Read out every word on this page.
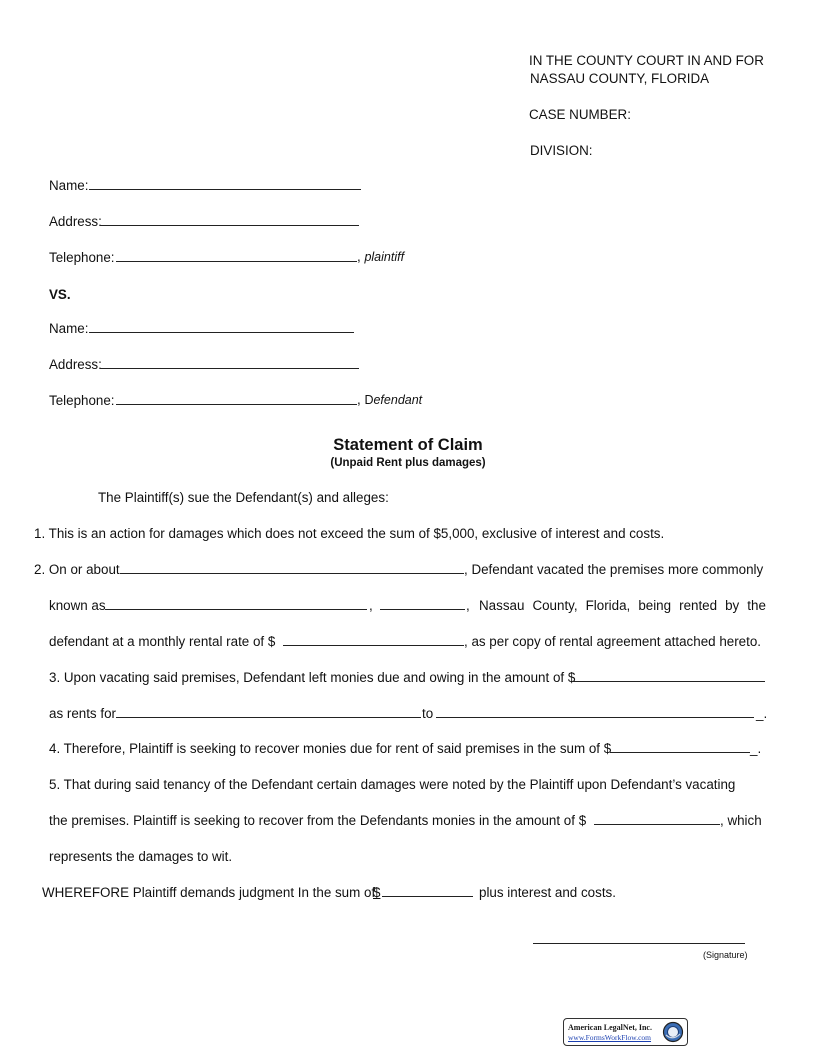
IN THE COUNTY COURT IN AND FOR
NASSAU COUNTY, FLORIDA
CASE NUMBER:
DIVISION:
Name:
Address:
Telephone:	, plaintiff
VS.
Name:
Address:
Telephone:	, Defendant
Statement of Claim
(Unpaid Rent plus damages)
The Plaintiff(s) sue the Defendant(s) and alleges:
1. This is an action for damages which does not exceed the sum of $5,000, exclusive of interest and costs.
2. On or about	, Defendant vacated the premises more commonly
known as	,	, Nassau County, Florida, being rented by the
defendant at a monthly rental rate of $	, as per copy of rental agreement attached hereto.
3. Upon vacating said premises, Defendant left monies due and owing in the amount of $
as rents for	to	_.
4. Therefore, Plaintiff is seeking to recover monies due for rent of said premises in the sum of $	_.
5. That during said tenancy of the Defendant certain damages were noted by the Plaintiff upon Defendant’s vacating
the premises. Plaintiff is seeking to recover from the Defendants monies in the amount of $	, which
represents the damages to wit.
WHEREFORE Plaintiff demands judgment In the sum of
$	plus interest and costs.
(Signature)
American LegalNet, Inc.
www.FormsWorkFlow.com
